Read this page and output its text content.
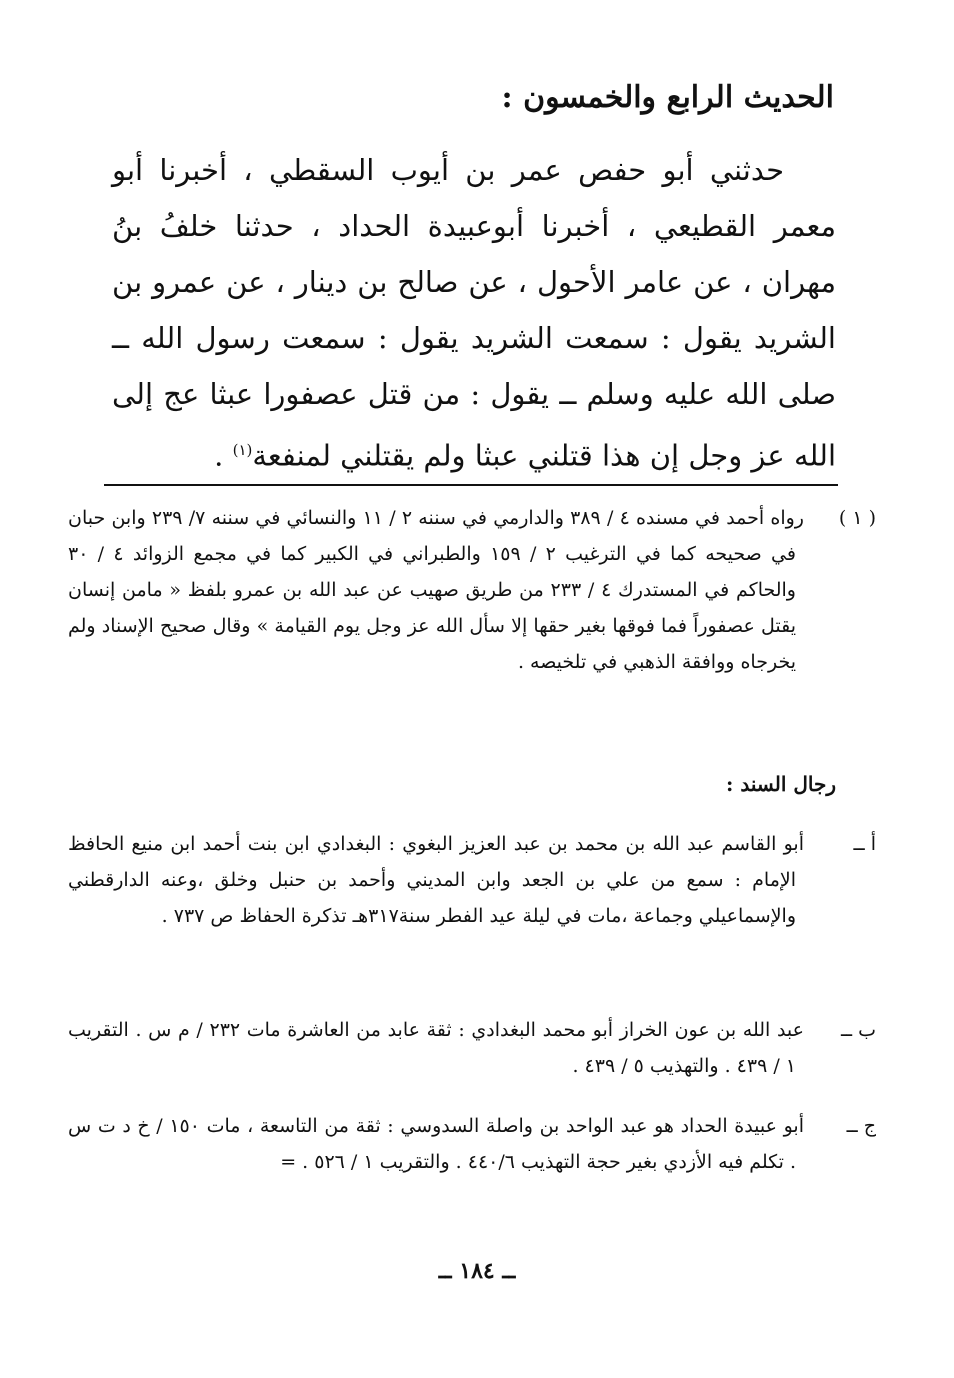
الحديث الرابع والخمسون :
حدثني أبو حفص عمر بن أيوب السقطي ، أخبرنا أبو معمر القطيعي ، أخبرنا أبوعبيدة الحداد ، حدثنا خلفُ بنُ مهران ، عن عامر الأحول ، عن صالح بن دينار ، عن عمرو بن الشريد يقول : سمعت الشريد يقول : سمعت رسول الله ــ صلى الله عليه وسلم ــ يقول : من قتل عصفورا عبثا عج إلى الله عز وجل إن هذا قتلني عبثا ولم يقتلني لمنفعة$^{(١)}$ .
( ١ )رواه أحمد في مسنده ٤ / ٣٨٩ والدارمي في سننه ٢ / ١١ والنسائي في سننه ٧/ ٢٣٩ وابن حبان في صحيحه كما في الترغيب ٢ / ١٥٩ والطبراني في الكبير كما في مجمع الزوائد ٤ / ٣٠ والحاكم في المستدرك ٤ / ٢٣٣ من طريق صهيب عن عبد الله بن عمرو بلفظ « مامن إنسان يقتل عصفوراً فما فوقها بغير حقها إلا سأل الله عز وجل يوم القيامة » وقال صحيح الإسناد ولم يخرجاه ووافقة الذهبي في تلخيصه .
رجال السند :
أ ــأبو القاسم عبد الله بن محمد بن عبد العزيز البغوي : البغدادي ابن بنت أحمد ابن منيع الحافظ الإمام : سمع من علي بن الجعد وابن المديني وأحمد بن حنبل وخلق ،وعنه الدارقطني والإسماعيلي وجماعة ،مات في ليلة عيد الفطر سنة٣١٧هـ تذكرة الحفاظ ص ٧٣٧ .
ب ــعبد الله بن عون الخراز أبو محمد البغدادي : ثقة عابد من العاشرة مات ٢٣٢ / م س . التقريب ١ / ٤٣٩ . والتهذيب ٥ / ٤٣٩ .
ج ــأبو عبيدة الحداد هو عبد الواحد بن واصلة السدوسي : ثقة من التاسعة ، مات ١٥٠ / خ د ت س . تكلم فيه الأزدي بغير حجة التهذيب ٤٤٠/٦ . والتقريب ١ / ٥٢٦ . =
ــ ١٨٤ ــ
